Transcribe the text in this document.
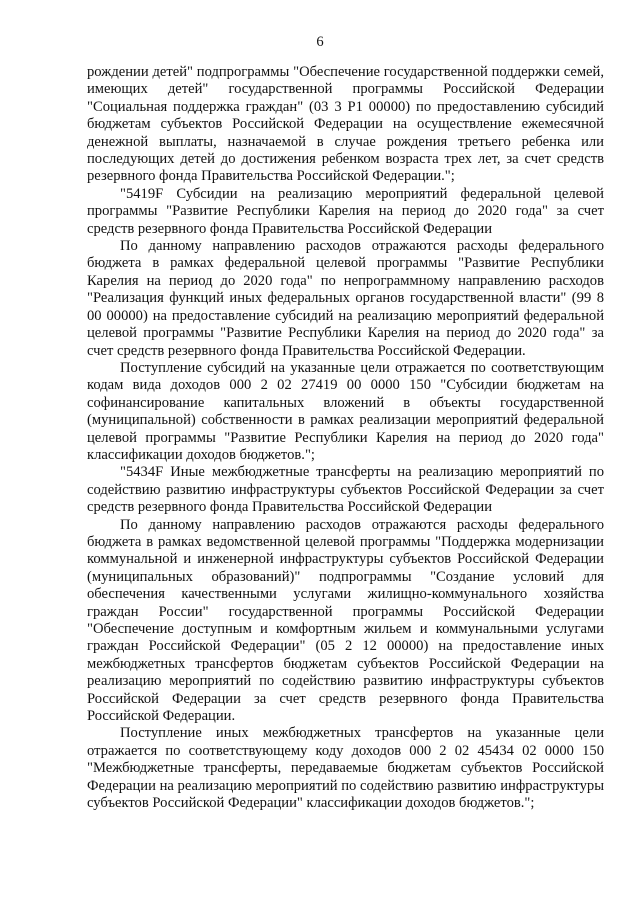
6

рождении детей" подпрограммы "Обеспечение государственной поддержки семей, имеющих детей" государственной программы Российской Федерации "Социальная поддержка граждан" (03 3 P1 00000) по предоставлению субсидий бюджетам субъектов Российской Федерации на осуществление ежемесячной денежной выплаты, назначаемой в случае рождения третьего ребенка или последующих детей до достижения ребенком возраста трех лет, за счет средств резервного фонда Правительства Российской Федерации.";

"5419F Субсидии на реализацию мероприятий федеральной целевой программы "Развитие Республики Карелия на период до 2020 года" за счет средств резервного фонда Правительства Российской Федерации

По данному направлению расходов отражаются расходы федерального бюджета в рамках федеральной целевой программы "Развитие Республики Карелия на период до 2020 года" по непрограммному направлению расходов "Реализация функций иных федеральных органов государственной власти" (99 8 00 00000) на предоставление субсидий на реализацию мероприятий федеральной целевой программы "Развитие Республики Карелия на период до 2020 года" за счет средств резервного фонда Правительства Российской Федерации.

Поступление субсидий на указанные цели отражается по соответствующим кодам вида доходов 000 2 02 27419 00 0000 150 "Субсидии бюджетам на софинансирование капитальных вложений в объекты государственной (муниципальной) собственности в рамках реализации мероприятий федеральной целевой программы "Развитие Республики Карелия на период до 2020 года" классификации доходов бюджетов.";

"5434F Иные межбюджетные трансферты на реализацию мероприятий по содействию развитию инфраструктуры субъектов Российской Федерации за счет средств резервного фонда Правительства Российской Федерации

По данному направлению расходов отражаются расходы федерального бюджета в рамках ведомственной целевой программы "Поддержка модернизации коммунальной и инженерной инфраструктуры субъектов Российской Федерации (муниципальных образований)" подпрограммы "Создание условий для обеспечения качественными услугами жилищно-коммунального хозяйства граждан России" государственной программы Российской Федерации "Обеспечение доступным и комфортным жильем и коммунальными услугами граждан Российской Федерации" (05 2 12 00000) на предоставление иных межбюджетных трансфертов бюджетам субъектов Российской Федерации на реализацию мероприятий по содействию развитию инфраструктуры субъектов Российской Федерации за счет средств резервного фонда Правительства Российской Федерации.

Поступление иных межбюджетных трансфертов на указанные цели отражается по соответствующему коду доходов 000 2 02 45434 02 0000 150 "Межбюджетные трансферты, передаваемые бюджетам субъектов Российской Федерации на реализацию мероприятий по содействию развитию инфраструктуры субъектов Российской Федерации" классификации доходов бюджетов.";
